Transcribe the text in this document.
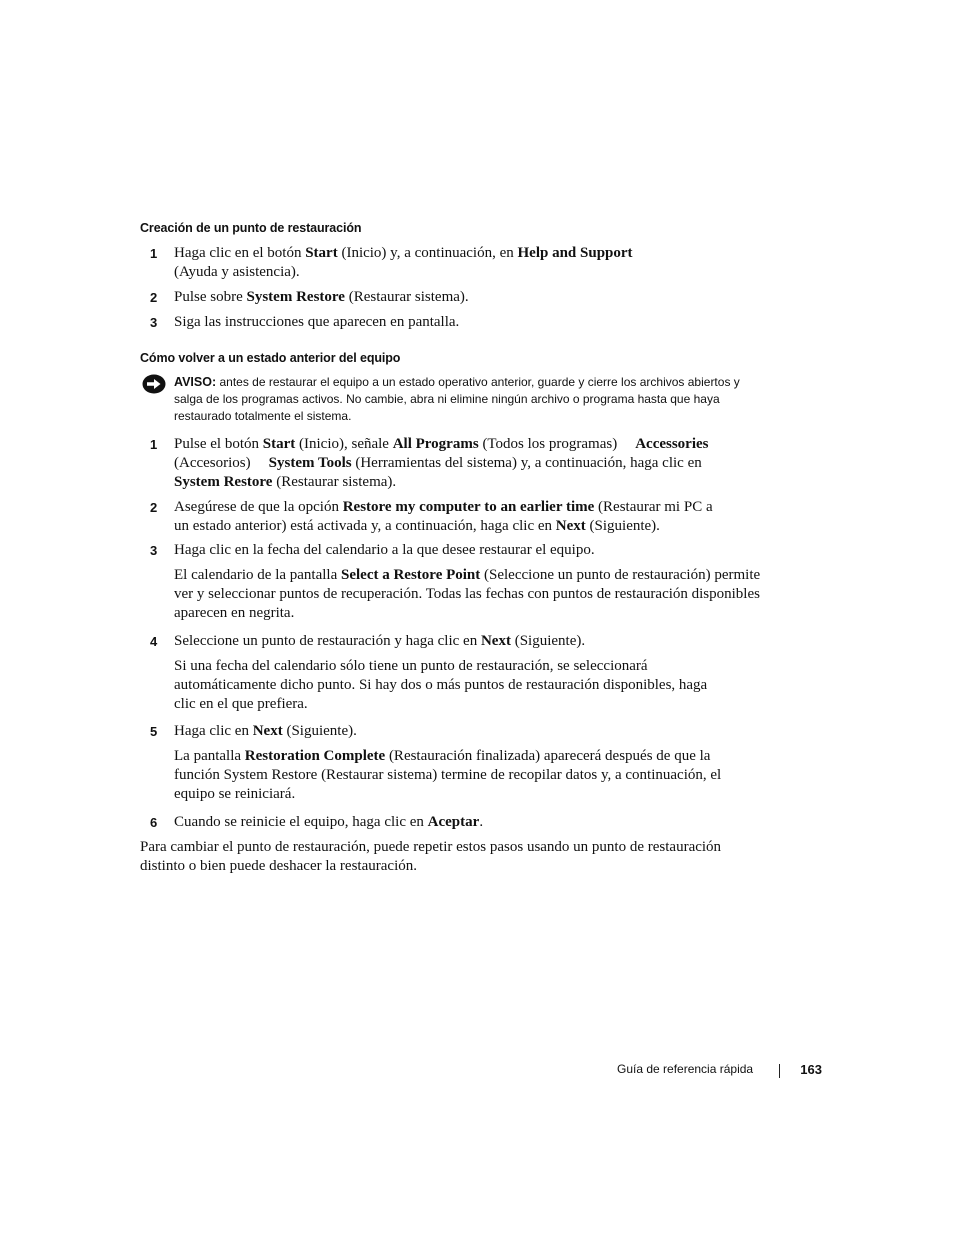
Creación de un punto de restauración
1 Haga clic en el botón Start (Inicio) y, a continuación, en Help and Support
(Ayuda y asistencia).
2 Pulse sobre System Restore (Restaurar sistema).
3 Siga las instrucciones que aparecen en pantalla.
Cómo volver a un estado anterior del equipo
AVISO: antes de restaurar el equipo a un estado operativo anterior, guarde y cierre los archivos abiertos y salga de los programas activos. No cambie, abra ni elimine ningún archivo o programa hasta que haya restaurado totalmente el sistema.
1 Pulse el botón Start (Inicio), señale All Programs (Todos los programas) Accessories
(Accesorios) System Tools (Herramientas del sistema) y, a continuación, haga clic en
System Restore (Restaurar sistema).
2 Asegúrese de que la opción Restore my computer to an earlier time (Restaurar mi PC a un estado anterior) está activada y, a continuación, haga clic en Next (Siguiente).
3 Haga clic en la fecha del calendario a la que desee restaurar el equipo.
El calendario de la pantalla Select a Restore Point (Seleccione un punto de restauración) permite ver y seleccionar puntos de recuperación. Todas las fechas con puntos de restauración disponibles aparecen en negrita.
4 Seleccione un punto de restauración y haga clic en Next (Siguiente).
Si una fecha del calendario sólo tiene un punto de restauración, se seleccionará automáticamente dicho punto. Si hay dos o más puntos de restauración disponibles, haga clic en el que prefiera.
5 Haga clic en Next (Siguiente).
La pantalla Restoration Complete (Restauración finalizada) aparecerá después de que la función System Restore (Restaurar sistema) termine de recopilar datos y, a continuación, el equipo se reiniciará.
6 Cuando se reinicie el equipo, haga clic en Aceptar.
Para cambiar el punto de restauración, puede repetir estos pasos usando un punto de restauración distinto o bien puede deshacer la restauración.
Guía de referencia rápida	163
